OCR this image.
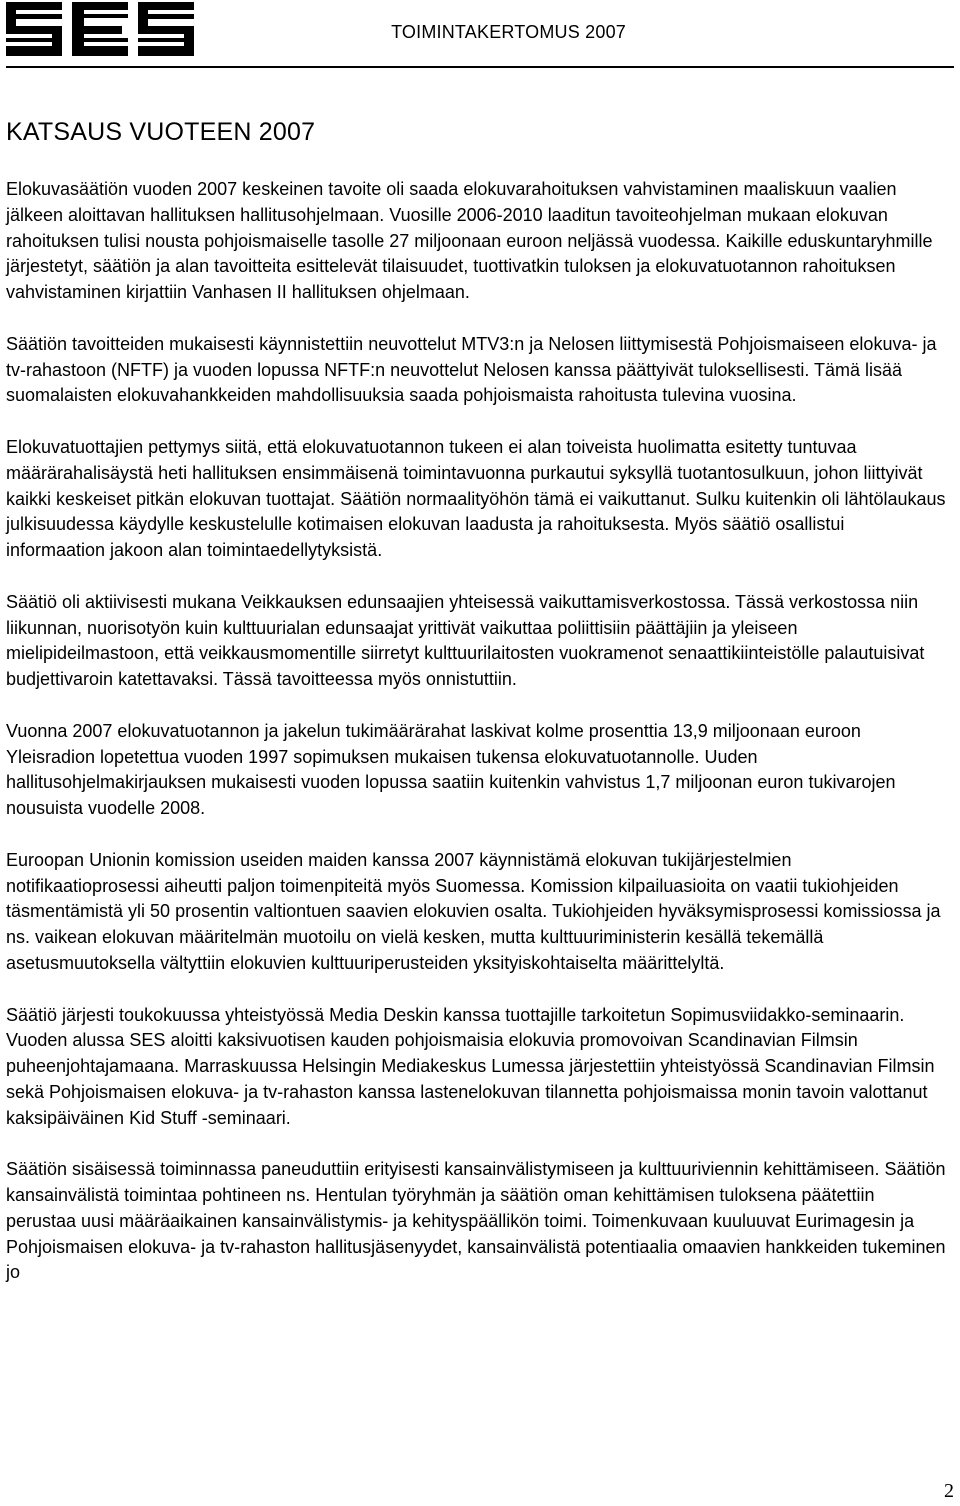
TOIMINTAKERTOMUS 2007
KATSAUS VUOTEEN 2007

Elokuvasäätiön vuoden 2007 keskeinen tavoite oli saada elokuvarahoituksen vahvistaminen maaliskuun vaalien jälkeen aloittavan hallituksen hallitusohjelmaan. Vuosille 2006-2010 laaditun tavoiteohjelman mukaan elokuvan rahoituksen tulisi nousta pohjoismaiselle tasolle 27 miljoonaan euroon neljässä vuodessa. Kaikille eduskuntaryhmille järjestetyt, säätiön ja alan tavoitteita esittelevät tilaisuudet, tuottivatkin tuloksen ja elokuvatuotannon rahoituksen vahvistaminen kirjattiin Vanhasen II hallituksen ohjelmaan.

Säätiön tavoitteiden mukaisesti käynnistettiin neuvottelut MTV3:n ja Nelosen liittymisestä Pohjoismaiseen elokuva- ja tv-rahastoon (NFTF) ja vuoden lopussa NFTF:n neuvottelut Nelosen kanssa päättyivät tuloksellisesti. Tämä lisää suomalaisten elokuvahankkeiden mahdollisuuksia saada pohjoismaista rahoitusta tulevina vuosina.

Elokuvatuottajien pettymys siitä, että elokuvatuotannon tukeen ei alan toiveista huolimatta esitetty tuntuvaa määrärahalisäystä heti hallituksen ensimmäisenä toimintavuonna purkautui syksyllä tuotantosulkuun, johon liittyivät kaikki keskeiset pitkän elokuvan tuottajat. Säätiön normaalityöhön tämä ei vaikuttanut. Sulku kuitenkin oli lähtölaukaus julkisuudessa käydylle keskustelulle kotimaisen elokuvan laadusta ja rahoituksesta. Myös säätiö osallistui informaation jakoon alan toimintaedellytyksistä.

Säätiö oli aktiivisesti mukana Veikkauksen edunsaajien yhteisessä vaikuttamisverkostossa. Tässä verkostossa niin liikunnan, nuorisotyön kuin kulttuurialan edunsaajat yrittivät vaikuttaa poliittisiin päättäjiin ja yleiseen mielipideilmastoon, että veikkausmomentille siirretyt kulttuurilaitosten vuokramenot senaattikiinteistölle palautuisivat budjettivaroin katettavaksi. Tässä tavoitteessa myös onnistuttiin.

Vuonna 2007 elokuvatuotannon ja jakelun tukimäärärahat laskivat kolme prosenttia 13,9 miljoonaan euroon Yleisradion lopetettua vuoden 1997 sopimuksen mukaisen tukensa elokuvatuotannolle. Uuden hallitusohjelmakirjauksen mukaisesti vuoden lopussa saatiin kuitenkin vahvistus 1,7 miljoonan euron tukivarojen nousuista vuodelle 2008.

Euroopan Unionin komission useiden maiden kanssa 2007 käynnistämä elokuvan tukijärjestelmien notifikaatioprosessi aiheutti paljon toimenpiteitä myös Suomessa. Komission kilpailuasioita on vaatii tukiohjeiden täsmentämistä yli 50 prosentin valtiontuen saavien elokuvien osalta. Tukiohjeiden hyväksymisprosessi komissiossa ja ns. vaikean elokuvan määritelmän muotoilu on vielä kesken, mutta kulttuuriministerin kesällä tekemällä asetusmuutoksella vältyttiin elokuvien kulttuuriperusteiden yksityiskohtaiselta määrittelyltä.

Säätiö järjesti toukokuussa yhteistyössä Media Deskin kanssa tuottajille tarkoitetun Sopimusviidakko-seminaarin. Vuoden alussa SES aloitti kaksivuotisen kauden pohjoismaisia elokuvia promovoivan Scandinavian Filmsin puheenjohtajamaana. Marraskuussa Helsingin Mediakeskus Lumessa järjestettiin yhteistyössä Scandinavian Filmsin sekä Pohjoismaisen elokuva- ja tv-rahaston kanssa lastenelokuvan tilannetta pohjoismaissa monin tavoin valottanut kaksipäiväinen Kid Stuff -seminaari.

Säätiön sisäisessä toiminnassa paneuduttiin erityisesti kansainvälistymiseen ja kulttuuriviennin kehittämiseen. Säätiön kansainvälistä toimintaa pohtineen ns. Hentulan työryhmän ja säätiön oman kehittämisen tuloksena päätettiin perustaa uusi määräaikainen kansainvälistymis- ja kehityspäällikön toimi. Toimenkuvaan kuuluuvat Eurimagesin ja Pohjoismaisen elokuva- ja tv-rahaston hallitusjäsenyydet, kansainvälistä potentiaalia omaavien hankkeiden tukeminen jo

2
